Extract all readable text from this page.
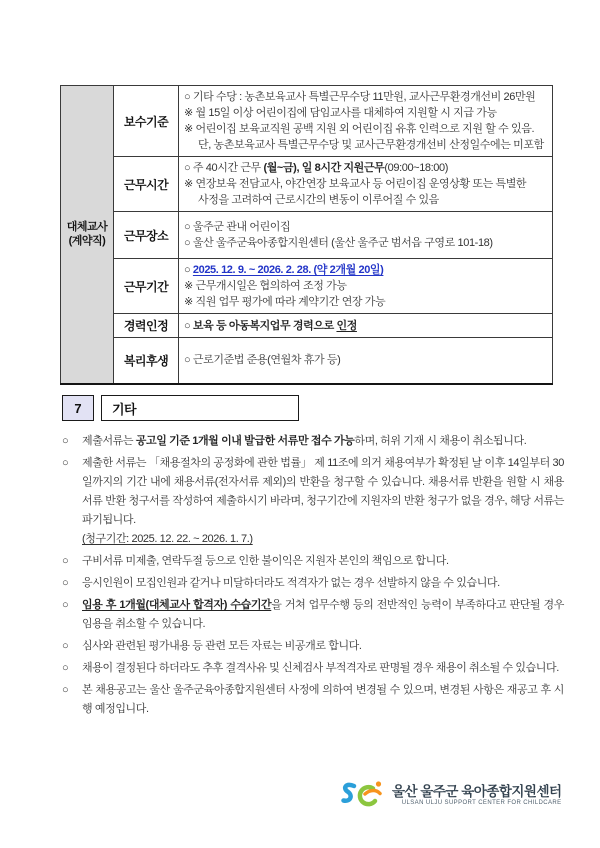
대체교사
(계약직)
	보수기준	
○ 기타 수당 : 농촌보육교사 특별근무수당 11만원, 교사근무환경개선비 26만원
※ 월 15일 이상 어린이집에 담임교사를 대체하여 지원할 시 지급 가능
※ 어린이집 보육교직원 공백 지원 외 어린이집 유휴 인력으로 지원 할 수 있음.
단, 농촌보육교사 특별근무수당 및 교사근무환경개선비 산정일수에는 미포함

	근무시간	○ 주 40시간 근무 (월~금), 일 8시간 지원근무(09:00~18:00)
※ 연장보육 전담교사, 야간연장 보육교사 등 어린이집 운영상황 또는 특별한
사정을 고려하여 근로시간의 변동이 이루어질 수 있음

	근무장소	○ 울주군 관내 어린이집
○ 울산 울주군육아종합지원센터 (울산 울주군 범서읍 구영로 101-18)

	근무기간	○ 2025. 12. 9. ~ 2026. 2. 28. (약 2개월 20일)
※ 근무개시일은 협의하여 조정 가능
※ 직원 업무 평가에 따라 계약기간 연장 가능

	경력인정	○ 보육 등 아동복지업무 경력으로 인정

	복리후생	○ 근로기준법 준용(연월차 휴가 등)
7	기타
○	제출서류는 공고일 기준 1개월 이내 발급한 서류만 접수 가능하며, 허위 기재 시 채용이 취소됩니다.
○	제출한 서류는 「채용절차의 공정화에 관한 법률」 제 11조에 의거 채용여부가 확정된 날 이후 14일부터 30일까지의 기간 내에 채용서류(전자서류 제외)의 반환을 청구할 수 있습니다. 채용서류 반환을 원할 시 채용서류 반환 청구서를 작성하여 제출하시기 바라며, 청구기간에 지원자의 반환 청구가 없을 경우, 해당 서류는 파기됩니다.
(청구기간: 2025. 12. 22. ~ 2026. 1. 7.)
○	구비서류 미제출, 연락두절 등으로 인한 불이익은 지원자 본인의 책임으로 합니다.
○	응시인원이 모집인원과 같거나 미달하더라도 적격자가 없는 경우 선발하지 않을 수 있습니다.
○	임용 후 1개월(대체교사 합격자) 수습기간을 거쳐 업무수행 등의 전반적인 능력이 부족하다고 판단될 경우 임용을 취소할 수 있습니다.
○	심사와 관련된 평가내용 등 관련 모든 자료는 비공개로 합니다.
○	채용이 결정된다 하더라도 추후 결격사유 및 신체검사 부적격자로 판명될 경우 채용이 취소될 수 있습니다.
○	본 채용공고는 울산 울주군육아종합지원센터 사정에 의하여 변경될 수 있으며, 변경된 사항은 재공고 후 시행 예정입니다.
울산 울주군 육아종합지원센터
ULSAN ULJU SUPPORT CENTER FOR CHILDCARE
